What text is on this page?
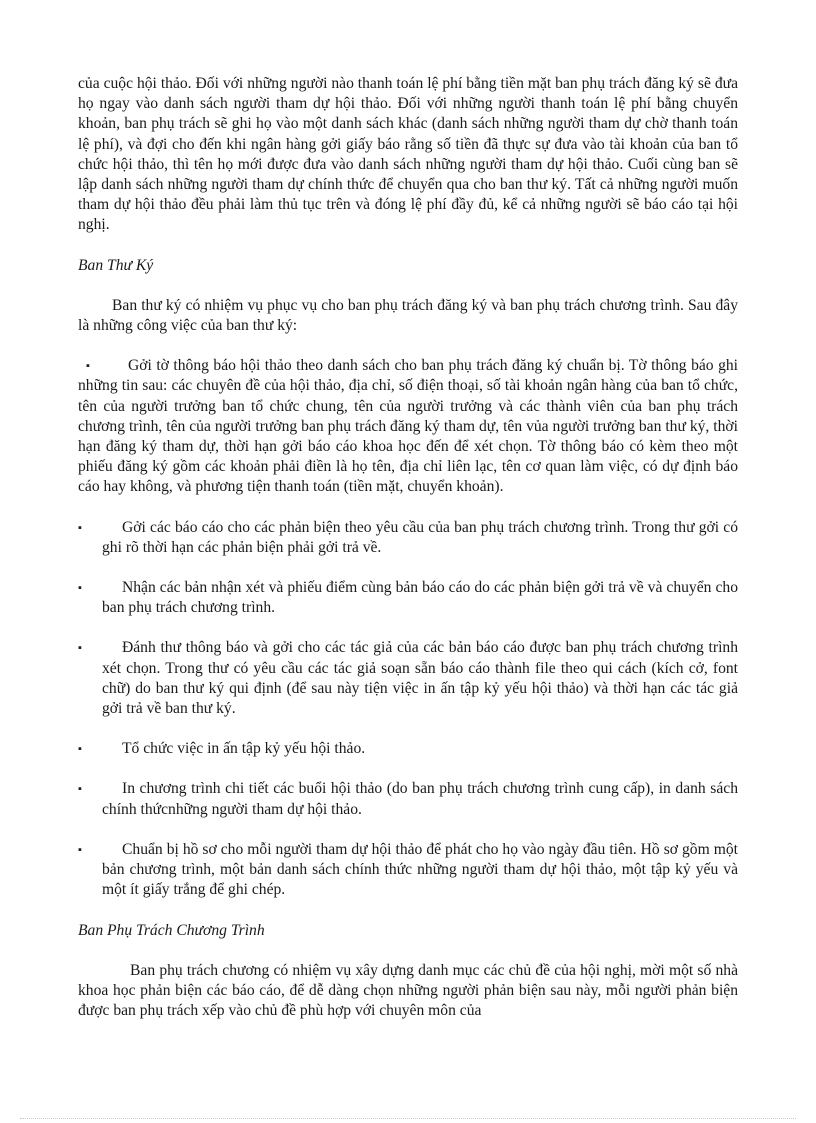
của cuộc hội thảo. Đối với những người nào thanh toán lệ phí bằng tiền mặt ban phụ trách đăng ký sẽ đưa họ ngay vào danh sách người tham dự hội thảo. Đối với những người thanh toán lệ phí bằng chuyển khoản, ban phụ trách sẽ ghi họ vào một danh sách khác (danh sách những người tham dự chờ thanh toán lệ phí), và đợi cho đến khi ngân hàng gởi giấy báo rằng số tiền đã thực sự đưa vào tài khoản của ban tổ chức hội thảo, thì tên họ mới được đưa vào danh sách những người tham dự hội thảo. Cuối cùng ban sẽ lập danh sách những người tham dự chính thức để chuyển qua cho ban thư ký. Tất cả những người muốn tham dự hội thảo đều phải làm thủ tục trên và đóng lệ phí đầy đủ, kể cả những người sẽ báo cáo tại hội nghị.

Ban Thư Ký

Ban thư ký có nhiệm vụ phục vụ cho ban phụ trách đăng ký và ban phụ trách chương trình. Sau đây là những công việc của ban thư ký:

▪ Gởi tờ thông báo hội thảo theo danh sách cho ban phụ trách đăng ký chuẩn bị. Tờ thông báo ghi những tin sau: các chuyên đề của hội thảo, địa chỉ, số điện thoại, số tài khoản ngân hàng của ban tổ chức, tên của người trưởng ban tổ chức chung, tên của người trưởng và các thành viên của ban phụ trách chương trình, tên của người trưởng ban phụ trách đăng ký tham dự, tên vủa người trưởng ban thư ký, thời hạn đăng ký tham dự, thời hạn gởi báo cáo khoa học đến để xét chọn. Tờ thông báo có kèm theo một phiếu đăng ký gồm các khoản phải điền là họ tên, địa chỉ liên lạc, tên cơ quan làm việc, có dự định báo cáo hay không, và phương tiện thanh toán (tiền mặt, chuyển khoản).

▪	Gởi các báo cáo cho các phản biện theo yêu cầu của ban phụ trách chương trình. Trong thư gởi có ghi rõ thời hạn các phản biện phải gởi trả về.

▪	Nhận các bản nhận xét và phiếu điểm cùng bản báo cáo do các phản biện gởi trả về và chuyển cho ban phụ trách chương trình.

▪	Đánh thư thông báo và gởi cho các tác giả của các bản báo cáo được ban phụ trách chương trình xét chọn. Trong thư có yêu cầu các tác giả soạn sẵn báo cáo thành file theo qui cách (kích cở, font chữ) do ban thư ký qui định (để sau này tiện việc in ấn tập kỷ yếu hội thảo) và thời hạn các tác giả gởi trả về ban thư ký.

▪	Tổ chức việc in ấn tập kỷ yếu hội thảo.

▪	In chương trình chi tiết các buổi hội thảo (do ban phụ trách chương trình cung cấp), in danh sách chính thứcnhững người tham dự hội thảo.

▪	Chuẩn bị hồ sơ cho mỗi người tham dự hội thảo để phát cho họ vào ngày đầu tiên. Hồ sơ gồm một bản chương trình, một bản danh sách chính thức những người tham dự hội thảo, một tập kỷ yếu và một ít giấy trắng để ghi chép.

Ban Phụ Trách Chương Trình

Ban phụ trách chương có nhiệm vụ xây dựng danh mục các chủ đề của hội nghị, mời một số nhà khoa học phản biện các báo cáo, để dễ dàng chọn những người phản biện sau này, mỗi người phản biện được ban phụ trách xếp vào chủ đề phù hợp với chuyên môn của
